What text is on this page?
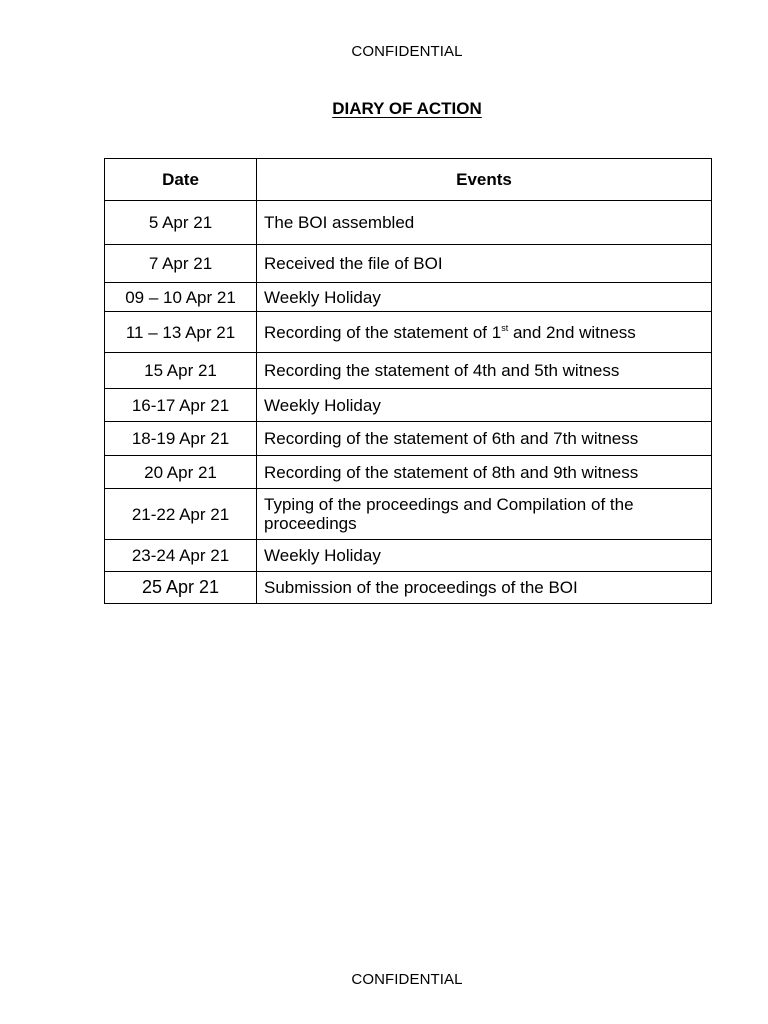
CONFIDENTIAL
DIARY OF ACTION
Date	Events
5 Apr 21	The BOI assembled
7 Apr 21	Received the file of BOI
09 – 10 Apr 21	Weekly Holiday
11 – 13 Apr 21	Recording of the statement of 1st and 2nd witness
15 Apr 21	Recording the statement of 4th and 5th witness
16-17 Apr 21	Weekly Holiday
18-19 Apr 21	Recording of the statement of 6th and 7th witness
20 Apr 21	Recording of the statement of 8th and 9th witness
21-22 Apr 21	Typing of the proceedings and Compilation of the proceedings
23-24 Apr 21	Weekly Holiday
25 Apr 21	Submission of the proceedings of the BOI
CONFIDENTIAL
